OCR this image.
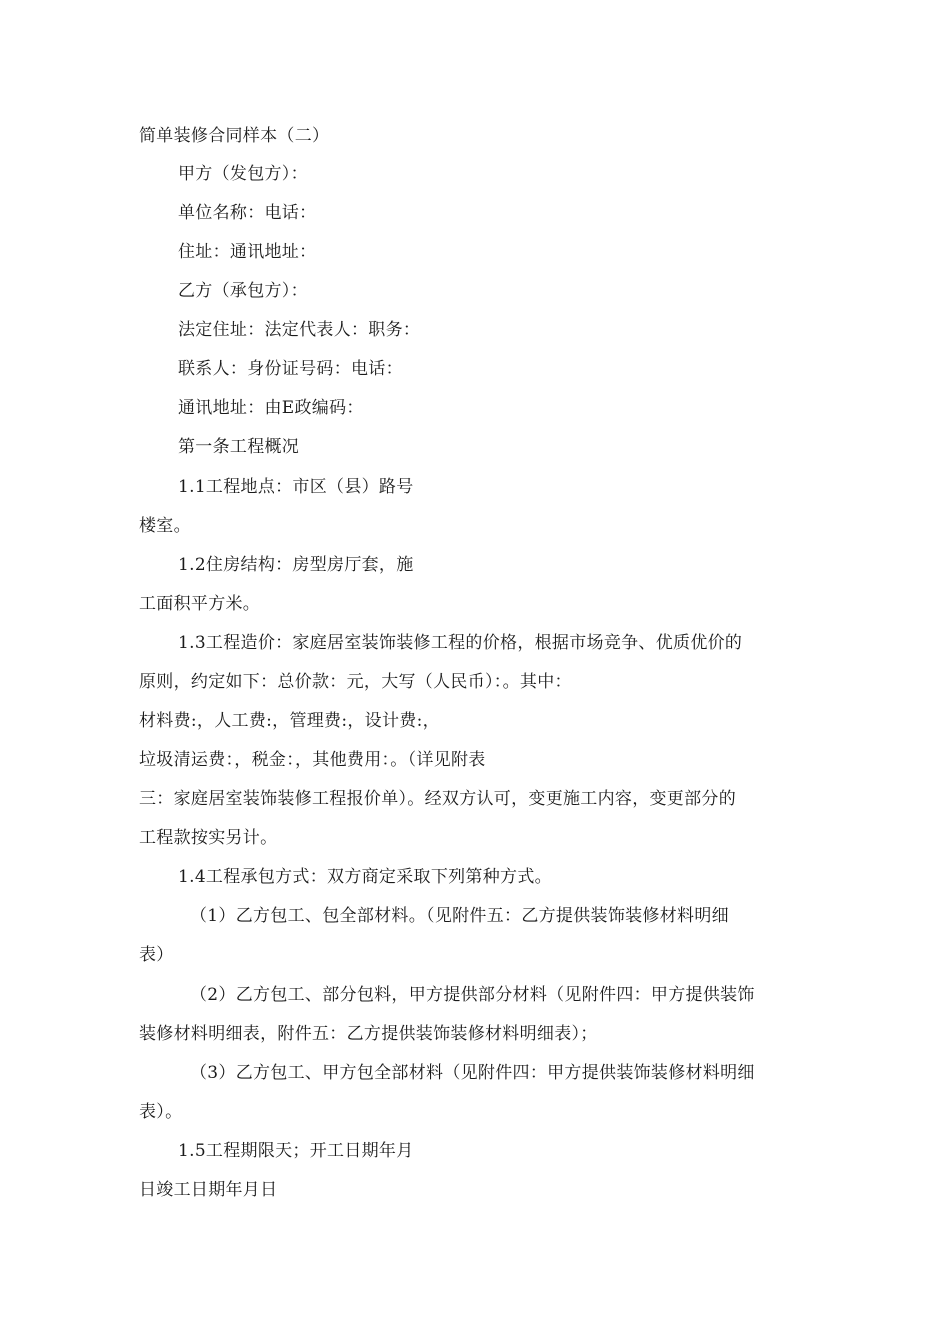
简单装修合同样本（二）
甲方（发包方）：
单位名称：电话：
住址：通讯地址：
乙方（承包方）：
法定住址：法定代表人：职务：
联系人：身份证号码：电话：
通讯地址：由E政编码：
第一条工程概况
1.1工程地点：市区（县）路号
楼室。
1.2住房结构：房型房厅套，施
工面积平方米。
1.3工程造价：家庭居室装饰装修工程的价格，根据市场竞争、优质优价的
原则，约定如下：总价款：元，大写（人民币）：。其中：
材料费:，人工费:，管理费:，设计费:，
垃圾清运费：，税金：，其他费用：。（详见附表
三：家庭居室装饰装修工程报价单）。经双方认可，变更施工内容，变更部分的
工程款按实另计。
1.4工程承包方式：双方商定采取下列第种方式。
（1）乙方包工、包全部材料。（见附件五：乙方提供装饰装修材料明细
表）
（2）乙方包工、部分包料，甲方提供部分材料（见附件四：甲方提供装饰
装修材料明细表，附件五：乙方提供装饰装修材料明细表）；
（3）乙方包工、甲方包全部材料（见附件四：甲方提供装饰装修材料明细
表）。
1.5工程期限天；开工日期年月
日竣工日期年月日
